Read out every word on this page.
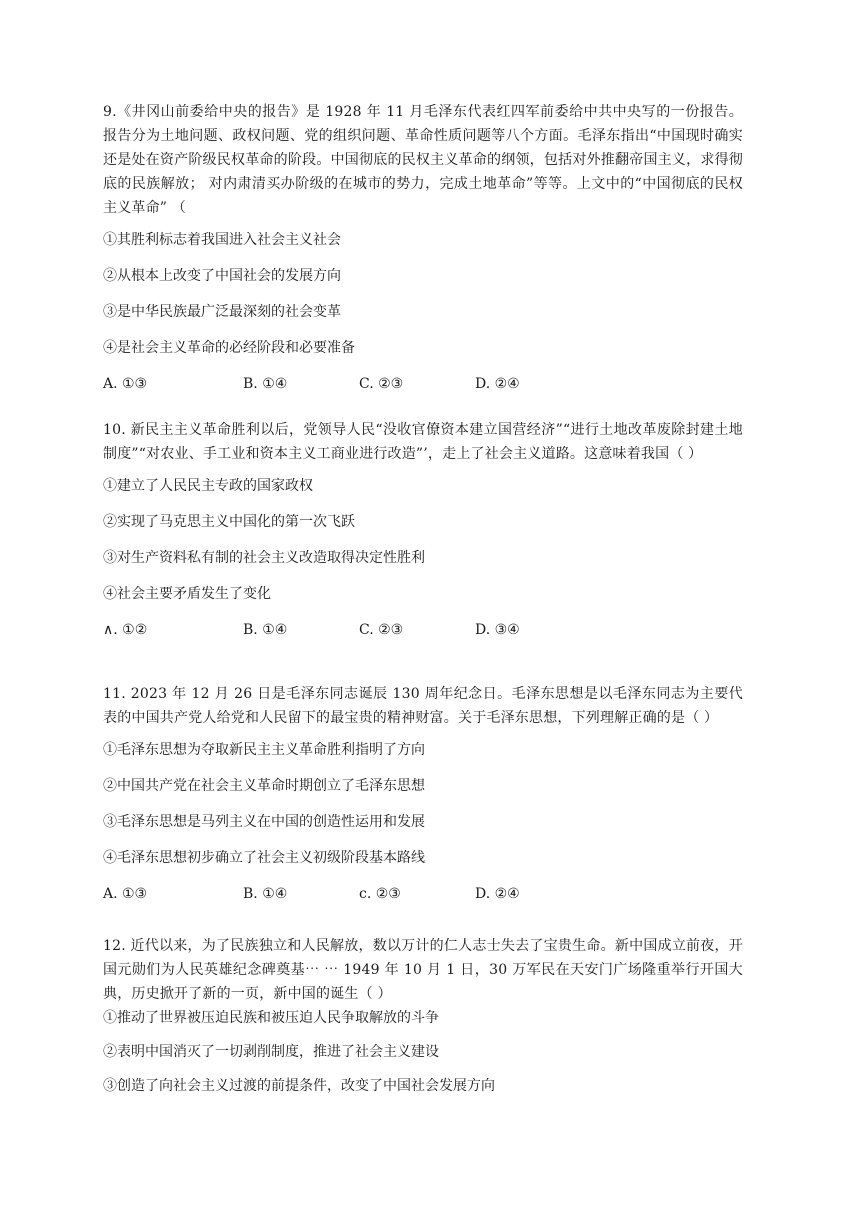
9.《井冈山前委给中央的报告》是 1928 年 11 月毛泽东代表红四军前委给中共中央写的一份报告。报告分为土地问题、政权问题、党的组织问题、革命性质问题等八个方面。毛泽东指出“中国现时确实还是处在资产阶级民权革命的阶段。中国彻底的民权主义革命的纲领，包括对外推翻帝国主义，求得彻底的民族解放； 对内肃清买办阶级的在城市的势力，完成土地革命”等等。上文中的“中国彻底的民权主义革命” （
①其胜利标志着我国进入社会主义社会
②从根本上改变了中国社会的发展方向
③是中华民族最广泛最深刻的社会变革
④是社会主义革命的必经阶段和必要准备
A. ①③	B. ①④	C. ②③	D. ②④
10. 新民主主义革命胜利以后，党领导人民“没收官僚资本建立国营经济”“进行土地改革废除封建土地制度”“对农业、手工业和资本主义工商业进行改造”’，走上了社会主义道路。这意味着我国（ ）
①建立了人民民主专政的国家政权
②实现了马克思主义中国化的第一次飞跃
③对生产资料私有制的社会主义改造取得决定性胜利
④社会主要矛盾发生了变化
∧. ①②	B. ①④	C. ②③	D. ③④
11. 2023 年 12 月 26 日是毛泽东同志诞辰 130 周年纪念日。毛泽东思想是以毛泽东同志为主要代表的中国共产党人给党和人民留下的最宝贵的精神财富。关于毛泽东思想，下列理解正确的是（ ）
①毛泽东思想为夺取新民主主义革命胜利指明了方向
②中国共产党在社会主义革命时期创立了毛泽东思想
③毛泽东思想是马列主义在中国的创造性运用和发展
④毛泽东思想初步确立了社会主义初级阶段基本路线
A. ①③	B. ①④	c. ②③	D. ②④
12. 近代以来，为了民族独立和人民解放，数以万计的仁人志士失去了宝贵生命。新中国成立前夜，开国元勋们为人民英雄纪念碑奠基⋯ ⋯ 1949 年 10 月 1 日，30 万军民在天安门广场隆重举行开国大典，历史掀开了新的一页，新中国的诞生（ ）
①推动了世界被压迫民族和被压迫人民争取解放的斗争
②表明中国消灭了一切剥削制度，推进了社会主义建设
③创造了向社会主义过渡的前提条件，改变了中国社会发展方向
